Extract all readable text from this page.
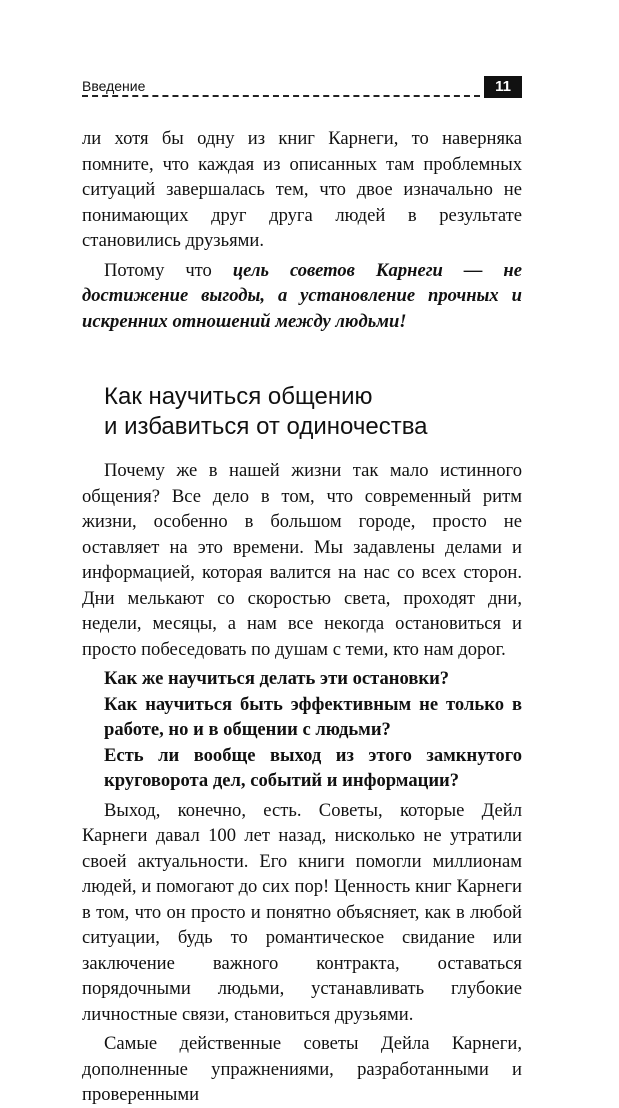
Введение	11

ли хотя бы одну из книг Карнеги, то наверняка помните, что каждая из описанных там проблемных ситуаций завершалась тем, что двое изначально не понимающих друг друга людей в результате становились друзьями.

Потому что цель советов Карнеги — не достижение выгоды, а установление прочных и искренних отношений между людьми!

Как научиться общению
и избавиться от одиночества

Почему же в нашей жизни так мало истинного общения? Все дело в том, что современный ритм жизни, особенно в большом городе, просто не оставляет на это времени. Мы задавлены делами и информацией, которая валится на нас со всех сторон. Дни мелькают со скоростью света, проходят дни, недели, месяцы, а нам все некогда остановиться и просто побеседовать по душам с теми, кто нам дорог.

Как же научиться делать эти остановки?

Как научиться быть эффективным не только в работе, но и в общении с людьми?

Есть ли вообще выход из этого замкнутого круговорота дел, событий и информации?

Выход, конечно, есть. Советы, которые Дейл Карнеги давал 100 лет назад, нисколько не утратили своей актуальности. Его книги помогли миллионам людей, и помогают до сих пор! Ценность книг Карнеги в том, что он просто и понятно объясняет, как в любой ситуации, будь то романтическое свидание или заключение важного контракта, оставаться порядочными людьми, устанавливать глубокие личностные связи, становиться друзьями.

Самые действенные советы Дейла Карнеги, дополненные упражнениями, разработанными и проверенными
